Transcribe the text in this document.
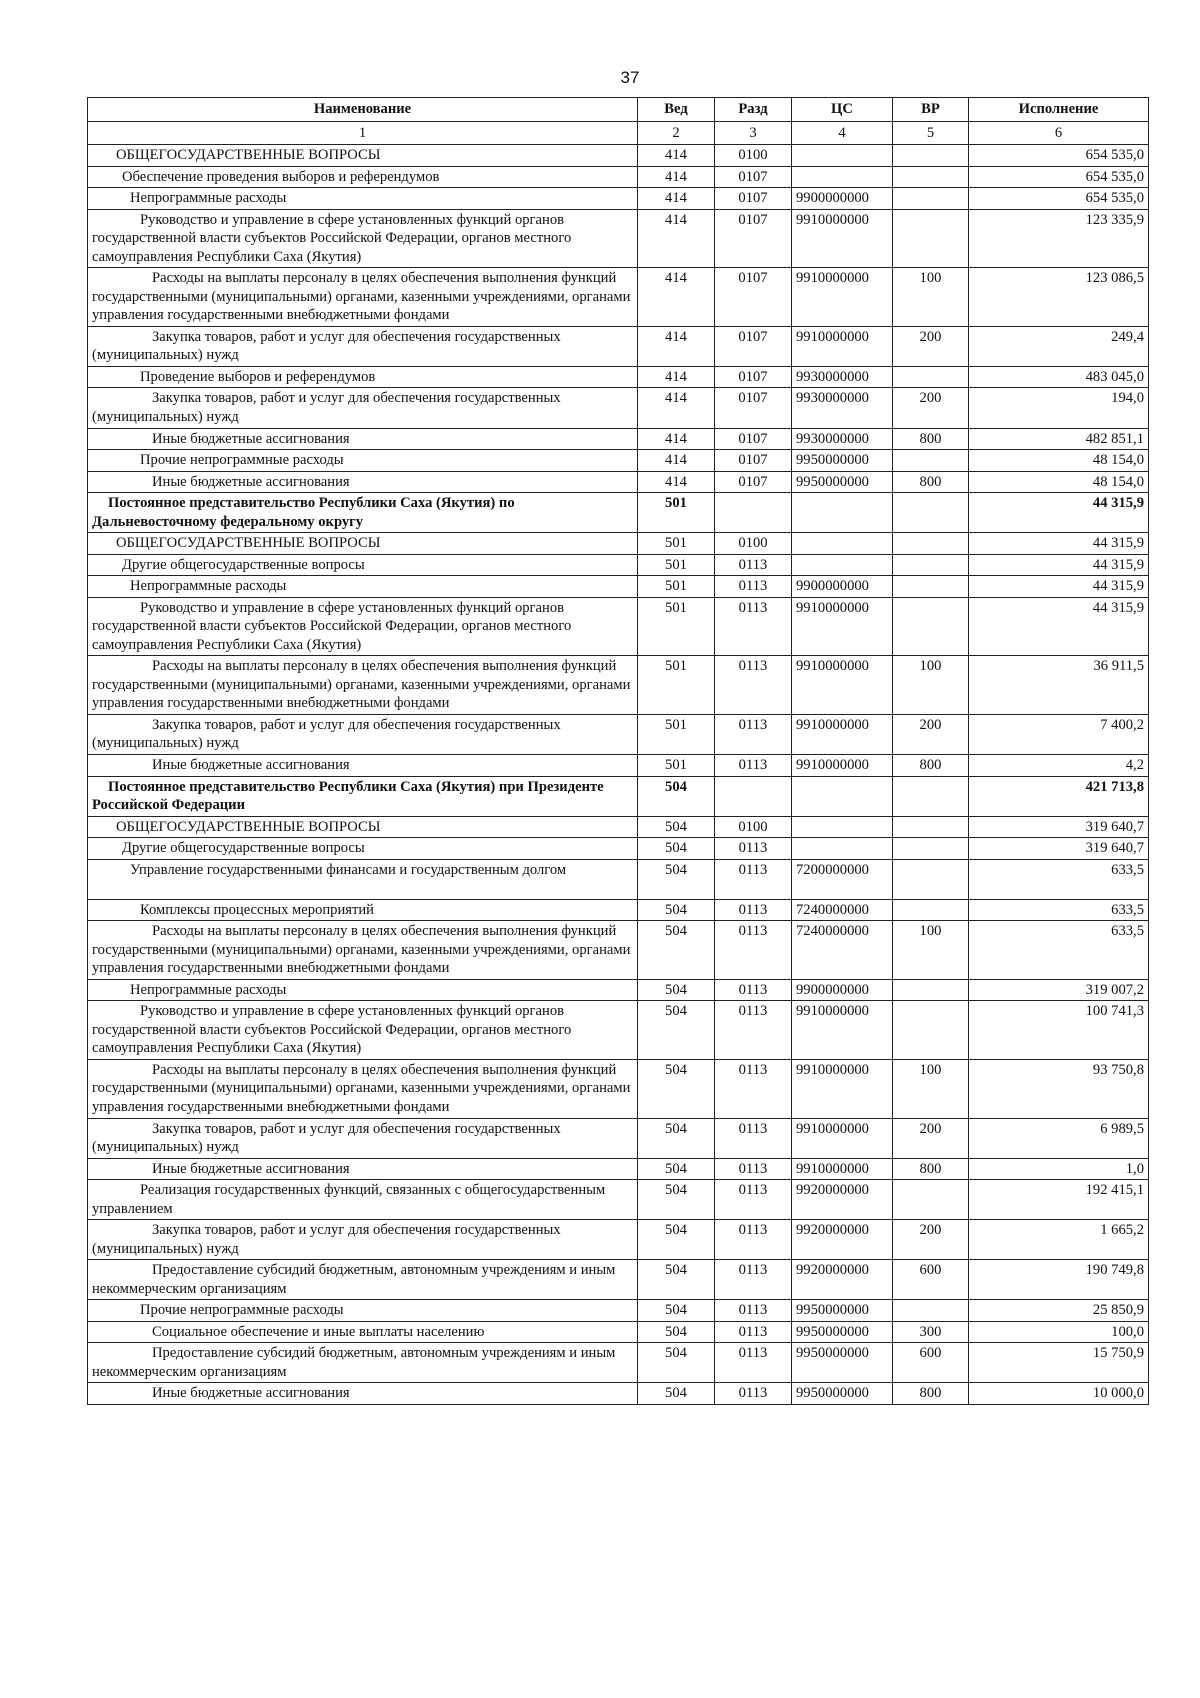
37
Наименование	Вед	Разд	ЦС	ВР	Исполнение
1	2	3	4	5	6
ОБЩЕГОСУДАРСТВЕННЫЕ ВОПРОСЫ	414	0100			654 535,0
Обеспечение проведения выборов и референдумов	414	0107			654 535,0
Непрограммные расходы	414	0107	9900000000		654 535,0
Руководство и управление в сфере установленных функций органов государственной власти субъектов Российской Федерации, органов местного самоуправления Республики Саха (Якутия)	414	0107	9910000000		123 335,9
Расходы на выплаты персоналу в целях обеспечения выполнения функций государственными (муниципальными) органами, казенными учреждениями, органами управления государственными внебюджетными фондами	414	0107	9910000000	100	123 086,5
Закупка товаров, работ и услуг для обеспечения государственных (муниципальных) нужд	414	0107	9910000000	200	249,4
Проведение выборов и референдумов	414	0107	9930000000		483 045,0
Закупка товаров, работ и услуг для обеспечения государственных (муниципальных) нужд	414	0107	9930000000	200	194,0
Иные бюджетные ассигнования	414	0107	9930000000	800	482 851,1
Прочие непрограммные расходы	414	0107	9950000000		48 154,0
Иные бюджетные ассигнования	414	0107	9950000000	800	48 154,0
Постоянное представительство Республики Саха (Якутия) по Дальневосточному федеральному округу	501				44 315,9
ОБЩЕГОСУДАРСТВЕННЫЕ ВОПРОСЫ	501	0100			44 315,9
Другие общегосударственные вопросы	501	0113			44 315,9
Непрограммные расходы	501	0113	9900000000		44 315,9
Руководство и управление в сфере установленных функций органов государственной власти субъектов Российской Федерации, органов местного самоуправления Республики Саха (Якутия)	501	0113	9910000000		44 315,9
Расходы на выплаты персоналу в целях обеспечения выполнения функций государственными (муниципальными) органами, казенными учреждениями, органами управления государственными внебюджетными фондами	501	0113	9910000000	100	36 911,5
Закупка товаров, работ и услуг для обеспечения государственных (муниципальных) нужд	501	0113	9910000000	200	7 400,2
Иные бюджетные ассигнования	501	0113	9910000000	800	4,2
Постоянное представительство Республики Саха (Якутия) при Президенте Российской Федерации	504				421 713,8
ОБЩЕГОСУДАРСТВЕННЫЕ ВОПРОСЫ	504	0100			319 640,7
Другие общегосударственные вопросы	504	0113			319 640,7
Управление государственными финансами и государственным долгом	504	0113	7200000000		633,5
Комплексы процессных мероприятий	504	0113	7240000000		633,5
Расходы на выплаты персоналу в целях обеспечения выполнения функций государственными (муниципальными) органами, казенными учреждениями, органами управления государственными внебюджетными фондами	504	0113	7240000000	100	633,5
Непрограммные расходы	504	0113	9900000000		319 007,2
Руководство и управление в сфере установленных функций органов государственной власти субъектов Российской Федерации, органов местного самоуправления Республики Саха (Якутия)	504	0113	9910000000		100 741,3
Расходы на выплаты персоналу в целях обеспечения выполнения функций государственными (муниципальными) органами, казенными учреждениями, органами управления государственными внебюджетными фондами	504	0113	9910000000	100	93 750,8
Закупка товаров, работ и услуг для обеспечения государственных (муниципальных) нужд	504	0113	9910000000	200	6 989,5
Иные бюджетные ассигнования	504	0113	9910000000	800	1,0
Реализация государственных функций, связанных с общегосударственным управлением	504	0113	9920000000		192 415,1
Закупка товаров, работ и услуг для обеспечения государственных (муниципальных) нужд	504	0113	9920000000	200	1 665,2
Предоставление субсидий бюджетным, автономным учреждениям и иным некоммерческим организациям	504	0113	9920000000	600	190 749,8
Прочие непрограммные расходы	504	0113	9950000000		25 850,9
Социальное обеспечение и иные выплаты населению	504	0113	9950000000	300	100,0
Предоставление субсидий бюджетным, автономным учреждениям и иным некоммерческим организациям	504	0113	9950000000	600	15 750,9
Иные бюджетные ассигнования	504	0113	9950000000	800	10 000,0
